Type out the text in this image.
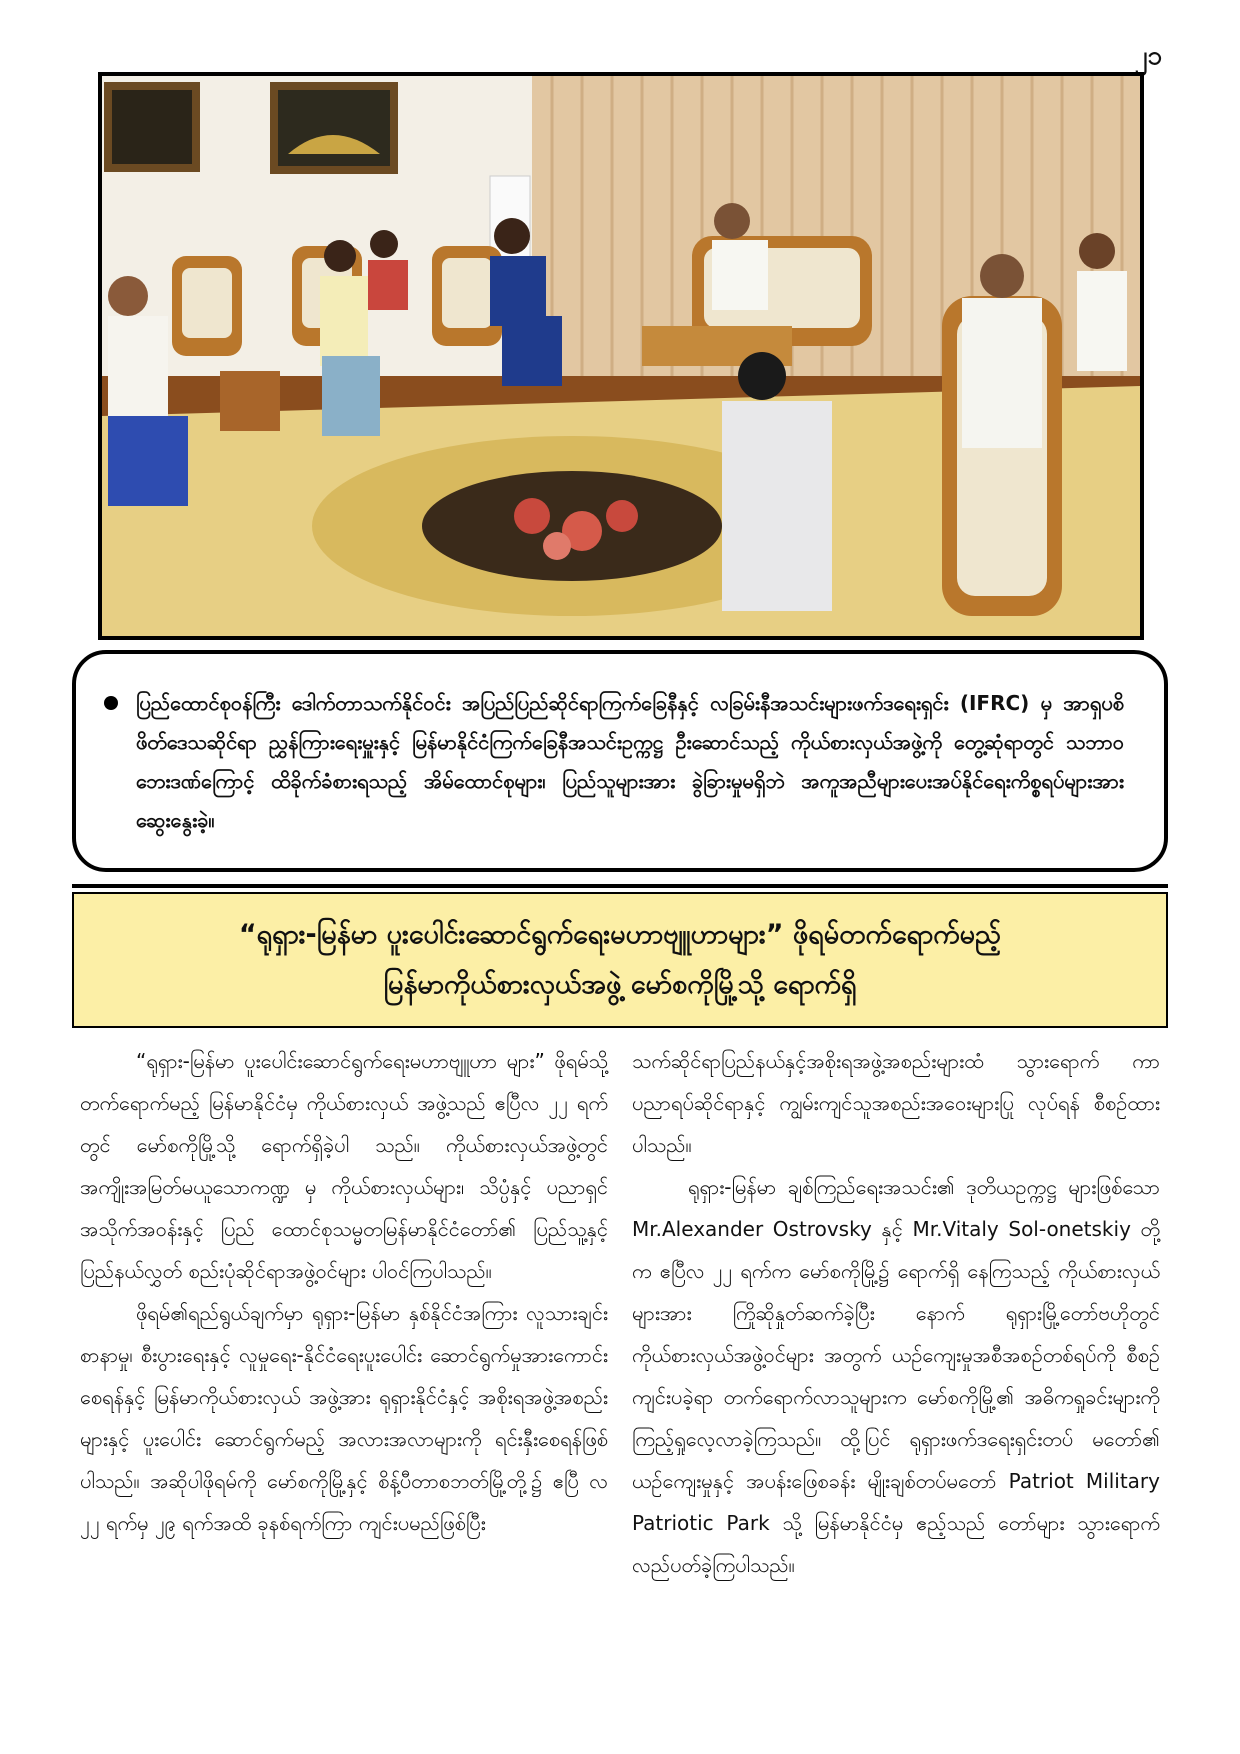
၂၁

ပြည်ထောင်စုဝန်ကြီး ဒေါက်တာသက်နိုင်ဝင်း အပြည်ပြည်ဆိုင်ရာကြက်ခြေနီနှင့် လခြမ်းနီအသင်းများဖက်ဒရေးရှင်း (IFRC) မှ အာရှပစိဖိတ်ဒေသဆိုင်ရာ ညွှန်ကြားရေးမှူးနှင့် မြန်မာနိုင်ငံကြက်ခြေနီအသင်းဥက္ကဋ္ဌ ဦးဆောင်သည့် ကိုယ်စားလှယ်အဖွဲ့ကို တွေ့ဆုံရာတွင် သဘာဝဘေးဒဏ်ကြောင့် ထိခိုက်ခံစားရသည့် အိမ်ထောင်စုများ၊ ပြည်သူများအား ခွဲခြားမှုမရှိဘဲ အကူအညီများပေးအပ်နိုင်ရေးကိစ္စရပ်များအား ဆွေးနွေးခဲ့။

“ရုရှား-မြန်မာ ပူးပေါင်းဆောင်ရွက်ရေးမဟာဗျူဟာများ” ဖိုရမ်တက်ရောက်မည့်
မြန်မာကိုယ်စားလှယ်အဖွဲ့ မော်စကိုမြို့သို့ ရောက်ရှိ

“ရုရှား-မြန်မာ ပူးပေါင်းဆောင်ရွက်ရေးမဟာဗျူဟာ များ” ဖိုရမ်သို့ တက်ရောက်မည့် မြန်မာနိုင်ငံမှ ကိုယ်စားလှယ် အဖွဲ့သည် ဧပြီလ ၂၂ ရက်တွင် မော်စကိုမြို့သို့ ရောက်ရှိခဲ့ပါ သည်။ ကိုယ်စားလှယ်အဖွဲ့တွင် အကျိုးအမြတ်မယူသောကဏ္ဍ မှ ကိုယ်စားလှယ်များ၊ သိပ္ပံနှင့် ပညာရှင်အသိုက်အဝန်းနှင့် ပြည် ထောင်စုသမ္မတမြန်မာနိုင်ငံတော်၏ ပြည်သူ့နှင့် ပြည်နယ်လွှတ် စည်းပုံဆိုင်ရာအဖွဲ့ဝင်များ ပါဝင်ကြပါသည်။

ဖိုရမ်၏ရည်ရွယ်ချက်မှာ ရုရှား-မြန်မာ နှစ်နိုင်ငံအကြား လူသားချင်းစာနာမှု၊ စီးပွားရေးနှင့် လူမှုရေး-နိုင်ငံရေးပူးပေါင်း ဆောင်ရွက်မှုအားကောင်းစေရန်နှင့် မြန်မာကိုယ်စားလှယ် အဖွဲ့အား ရုရှားနိုင်ငံနှင့် အစိုးရအဖွဲ့အစည်းများနှင့် ပူးပေါင်း ဆောင်ရွက်မည့် အလားအလာများကို ရင်းနှီးစေရန်ဖြစ်ပါသည်။ အဆိုပါဖိုရမ်ကို မော်စကိုမြို့နှင့် စိန့်ပီတာစဘတ်မြို့တို့၌ ဧပြီ လ ၂၂ ရက်မှ ၂၉ ရက်အထိ ခုနစ်ရက်ကြာ ကျင်းပမည်ဖြစ်ပြီး

သက်ဆိုင်ရာပြည်နယ်နှင့်အစိုးရအဖွဲ့အစည်းများထံ သွားရောက် ကာ ပညာရပ်ဆိုင်ရာနှင့် ကျွမ်းကျင်သူအစည်းအဝေးများပြု လုပ်ရန် စီစဉ်ထားပါသည်။

ရုရှား-မြန်မာ ချစ်ကြည်ရေးအသင်း၏ ဒုတိယဥက္ကဋ္ဌ များဖြစ်သော Mr.Alexander Ostrovsky နှင့် Mr.Vitaly Sol-onetskiy တို့က ဧပြီလ ၂၂ ရက်က မော်စကိုမြို့၌ ရောက်ရှိ နေကြသည့် ကိုယ်စားလှယ်များအား ကြိုဆိုနှုတ်ဆက်ခဲ့ပြီး နောက် ရုရှားမြို့တော်ဗဟိုတွင် ကိုယ်စားလှယ်အဖွဲ့ဝင်များ အတွက် ယဉ်ကျေးမှုအစီအစဉ်တစ်ရပ်ကို စီစဉ်ကျင်းပခဲ့ရာ တက်ရောက်လာသူများက မော်စကိုမြို့၏ အဓိကရှုခင်းများကို ကြည့်ရှုလေ့လာခဲ့ကြသည်။ ထို့ပြင် ရုရှားဖက်ဒရေးရှင်းတပ် မတော်၏ ယဉ်ကျေးမှုနှင့် အပန်းဖြေစခန်း မျိုးချစ်တပ်မတော် Patriot Military Patriotic Park သို့ မြန်မာနိုင်ငံမှ ဧည့်သည် တော်များ သွားရောက်လည်ပတ်ခဲ့ကြပါသည်။
